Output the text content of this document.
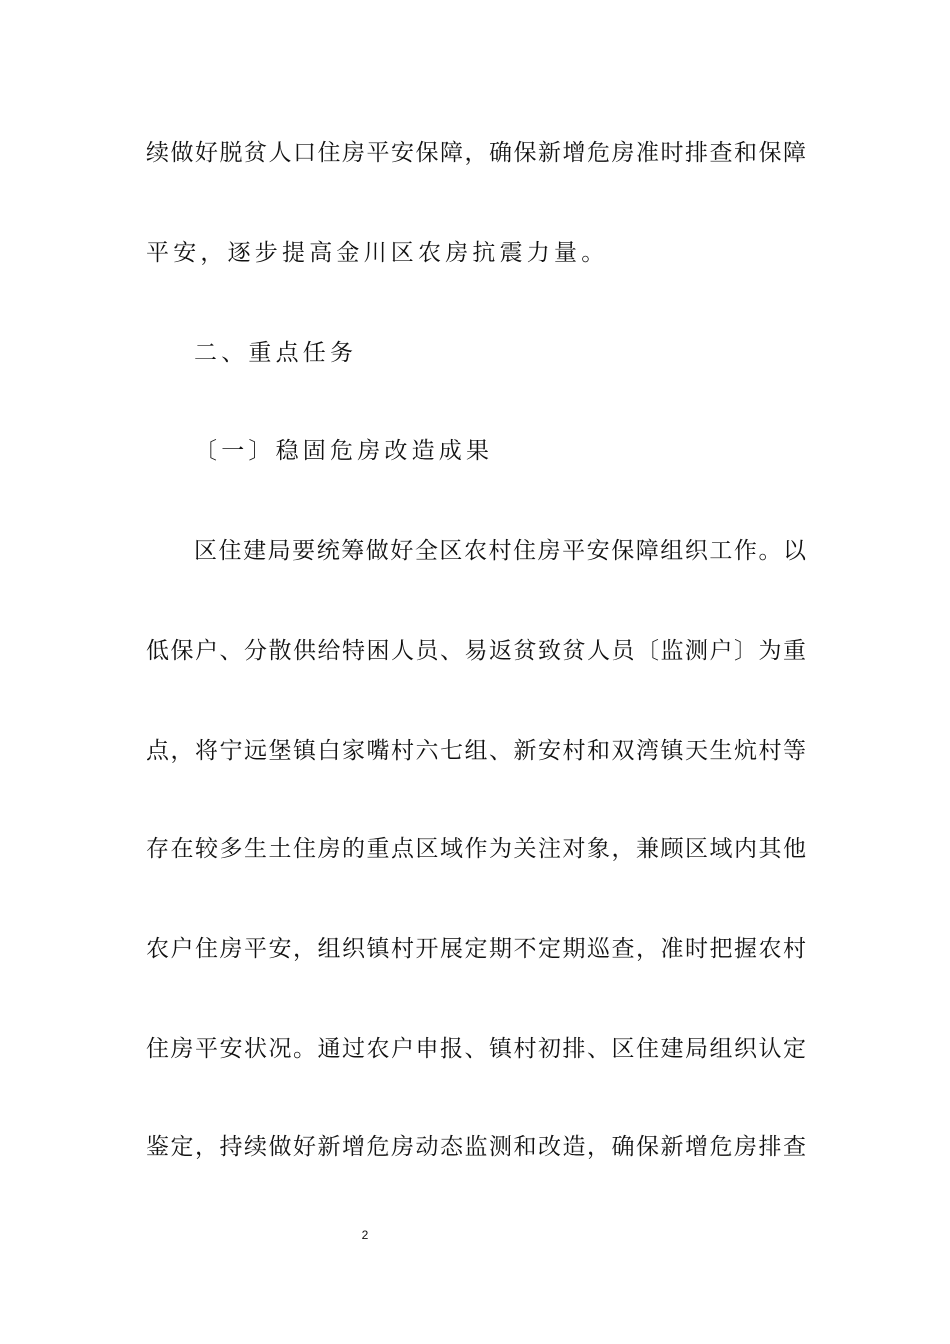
续做好脱贫人口住房平安保障，确保新增危房准时排查和保障
平安，逐步提高金川区农房抗震力量。
二、重点任务
〔一〕稳固危房改造成果
区住建局要统筹做好全区农村住房平安保障组织工作。以
低保户、分散供给特困人员、易返贫致贫人员〔监测户〕为重
点，将宁远堡镇白家嘴村六七组、新安村和双湾镇天生炕村等
存在较多生土住房的重点区域作为关注对象，兼顾区域内其他
农户住房平安，组织镇村开展定期不定期巡查，准时把握农村
住房平安状况。通过农户申报、镇村初排、区住建局组织认定
鉴定，持续做好新增危房动态监测和改造，确保新增危房排查
2
